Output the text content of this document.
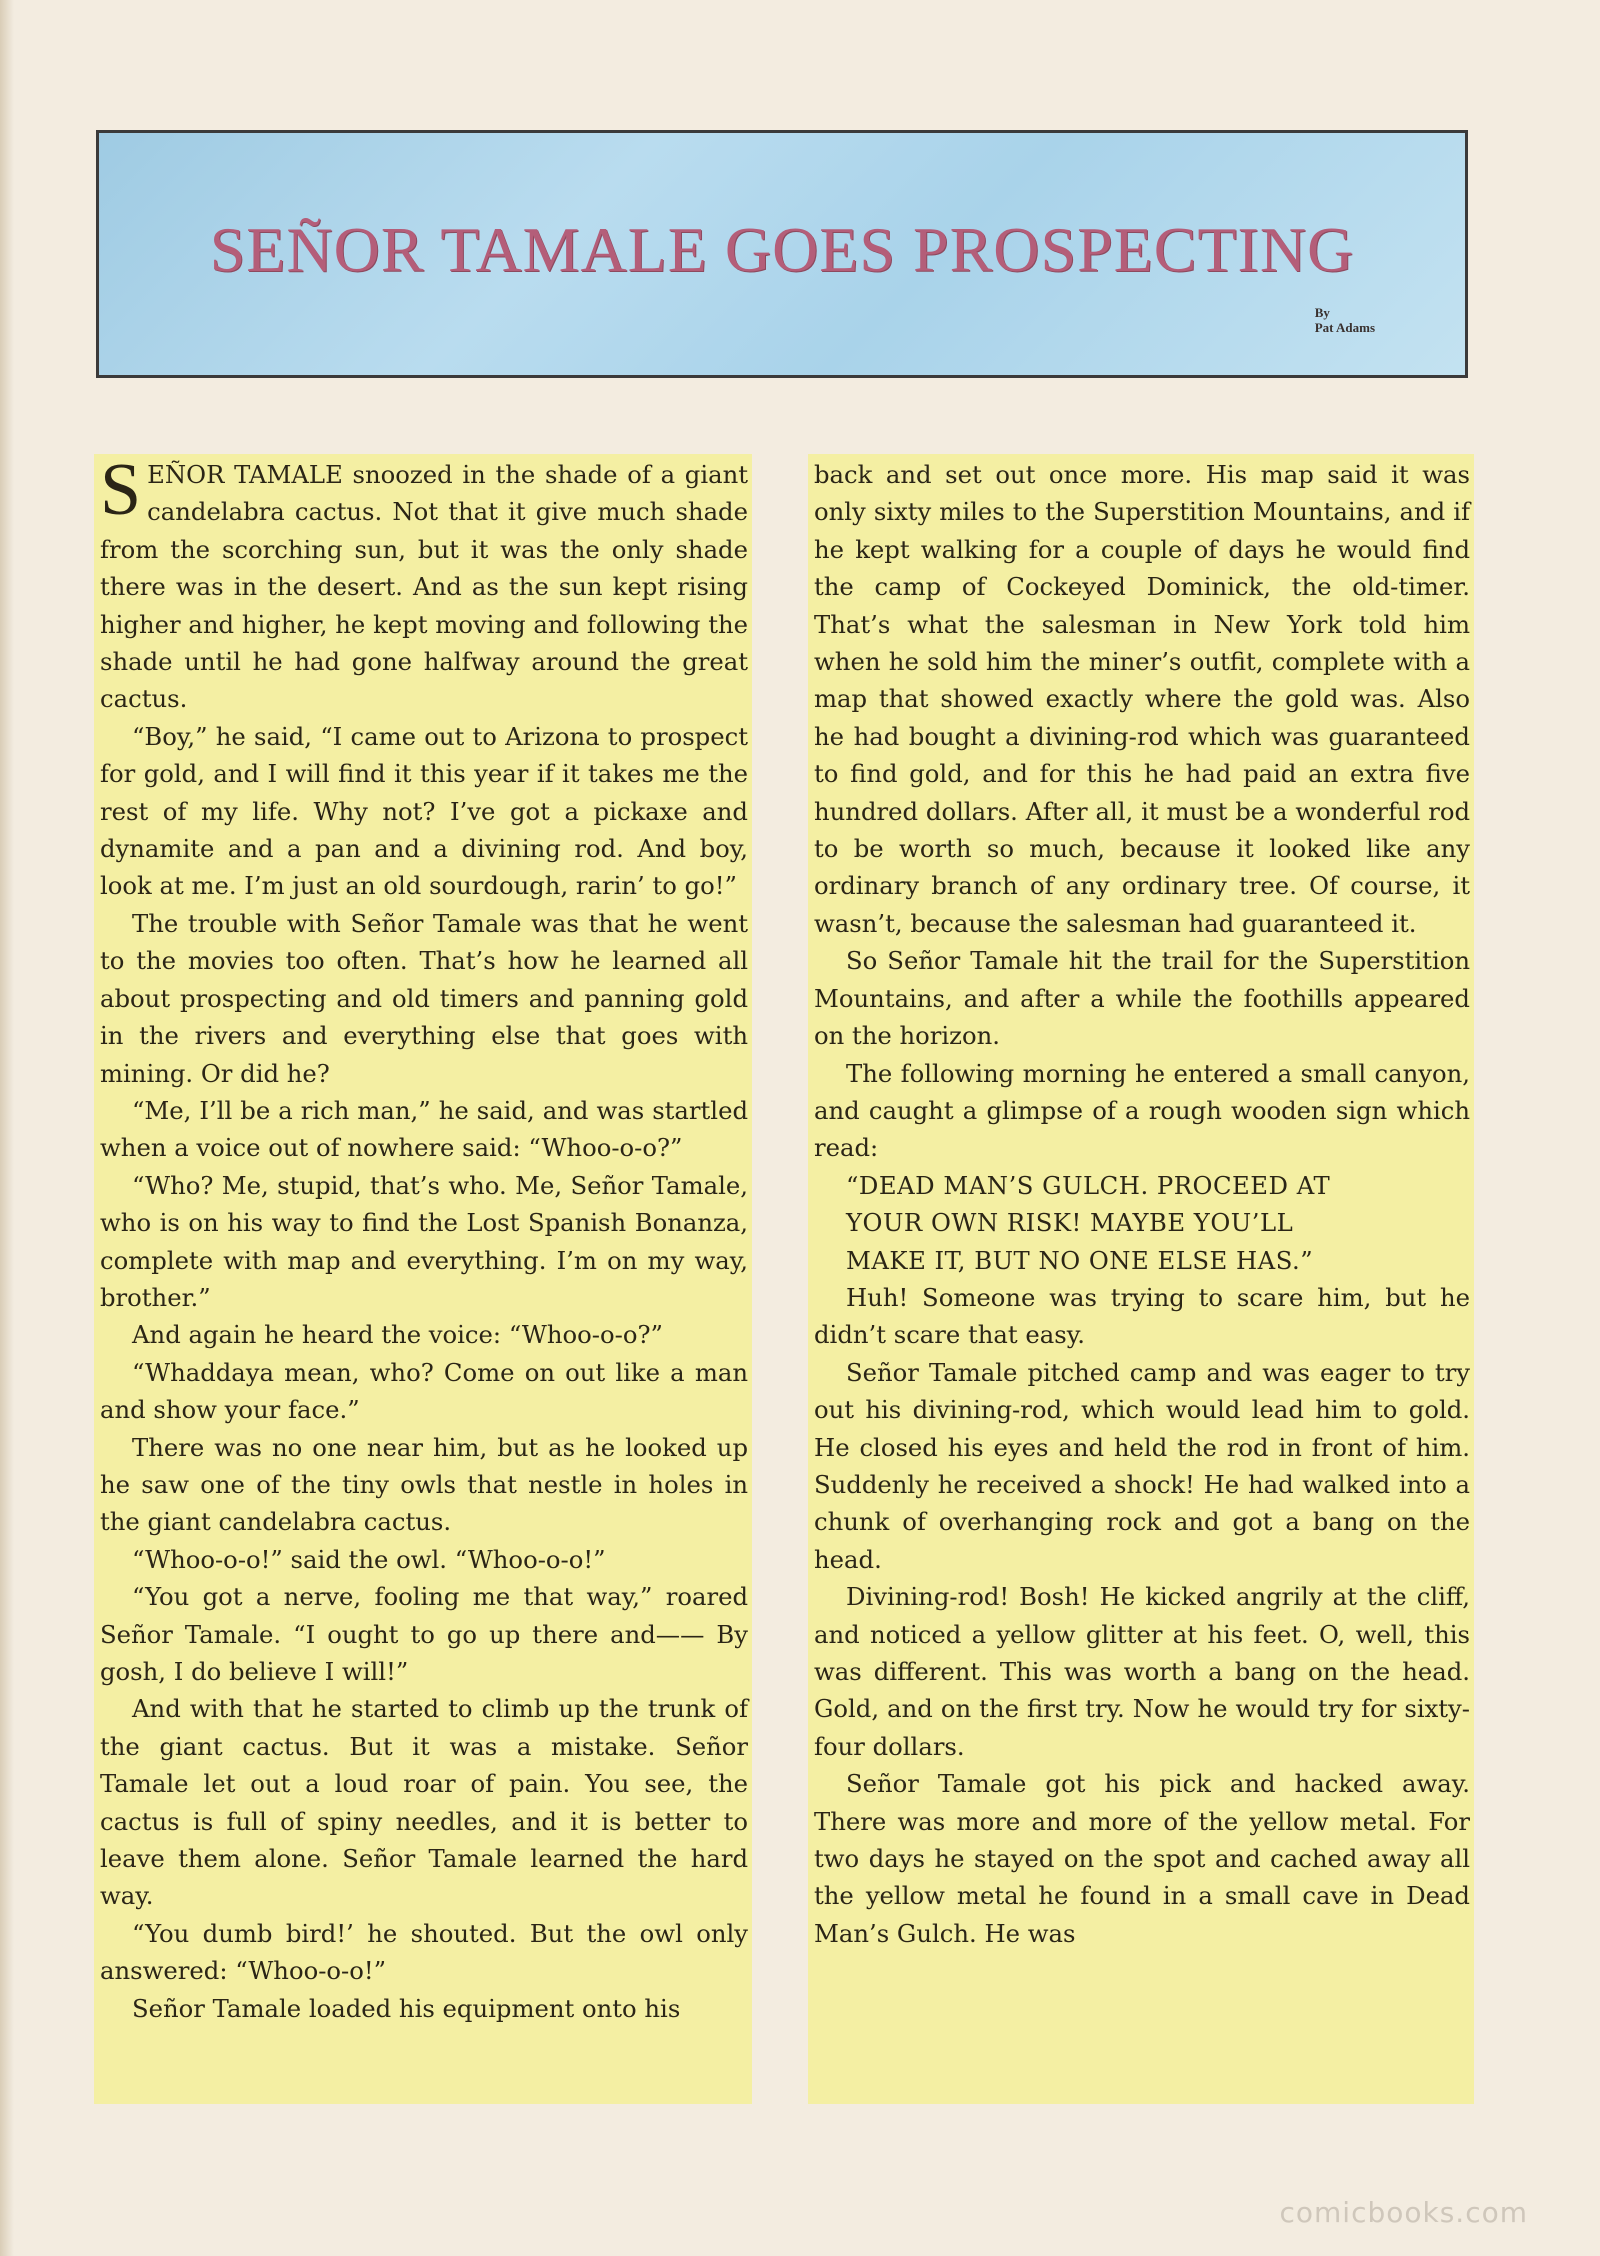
SEÑOR TAMALE GOES PROSPECTING
By
Pat Adams

SEÑOR TAMALE snoozed in the shade of a giant candelabra cactus. Not that it give much shade from the scorching sun, but it was the only shade there was in the desert. And as the sun kept rising higher and higher, he kept moving and following the shade until he had gone halfway around the great cactus.

“Boy,” he said, “I came out to Arizona to prospect for gold, and I will find it this year if it takes me the rest of my life. Why not? I’ve got a pickaxe and dynamite and a pan and a divining rod. And boy, look at me. I’m just an old sourdough, rarin’ to go!”

The trouble with Señor Tamale was that he went to the movies too often. That’s how he learned all about prospecting and old timers and panning gold in the rivers and everything else that goes with mining. Or did he?

“Me, I’ll be a rich man,” he said, and was startled when a voice out of nowhere said: “Whoo-o-o?”

“Who? Me, stupid, that’s who. Me, Señor Tamale, who is on his way to find the Lost Spanish Bonanza, complete with map and everything. I’m on my way, brother.”

And again he heard the voice: “Whoo-o-o?”

“Whaddaya mean, who? Come on out like a man and show your face.”

There was no one near him, but as he looked up he saw one of the tiny owls that nestle in holes in the giant candelabra cactus.

“Whoo-o-o!” said the owl. “Whoo-o-o!”

“You got a nerve, fooling me that way,” roared Señor Tamale. “I ought to go up there and—— By gosh, I do believe I will!”

And with that he started to climb up the trunk of the giant cactus. But it was a mistake. Señor Tamale let out a loud roar of pain. You see, the cactus is full of spiny needles, and it is better to leave them alone. Señor Tamale learned the hard way.

“You dumb bird!’ he shouted. But the owl only answered: “Whoo-o-o!”

Señor Tamale loaded his equipment onto his

back and set out once more. His map said it was only sixty miles to the Superstition Mountains, and if he kept walking for a couple of days he would find the camp of Cockeyed Dominick, the old-timer. That’s what the salesman in New York told him when he sold him the miner’s outfit, complete with a map that showed exactly where the gold was. Also he had bought a divining-rod which was guaranteed to find gold, and for this he had paid an extra five hundred dollars. After all, it must be a wonderful rod to be worth so much, because it looked like any ordinary branch of any ordinary tree. Of course, it wasn’t, because the salesman had guaranteed it.

So Señor Tamale hit the trail for the Superstition Mountains, and after a while the foothills appeared on the horizon.

The following morning he entered a small canyon, and caught a glimpse of a rough wooden sign which read:

“DEAD MAN’S GULCH. PROCEED AT

YOUR OWN RISK! MAYBE YOU’LL

MAKE IT, BUT NO ONE ELSE HAS.”

Huh! Someone was trying to scare him, but he didn’t scare that easy.

Señor Tamale pitched camp and was eager to try out his divining-rod, which would lead him to gold. He closed his eyes and held the rod in front of him. Suddenly he received a shock! He had walked into a chunk of overhanging rock and got a bang on the head.

Divining-rod! Bosh! He kicked angrily at the cliff, and noticed a yellow glitter at his feet. O, well, this was different. This was worth a bang on the head. Gold, and on the first try. Now he would try for sixty-four dollars.

Señor Tamale got his pick and hacked away. There was more and more of the yellow metal. For two days he stayed on the spot and cached away all the yellow metal he found in a small cave in Dead Man’s Gulch. He was

comicbooks.com
